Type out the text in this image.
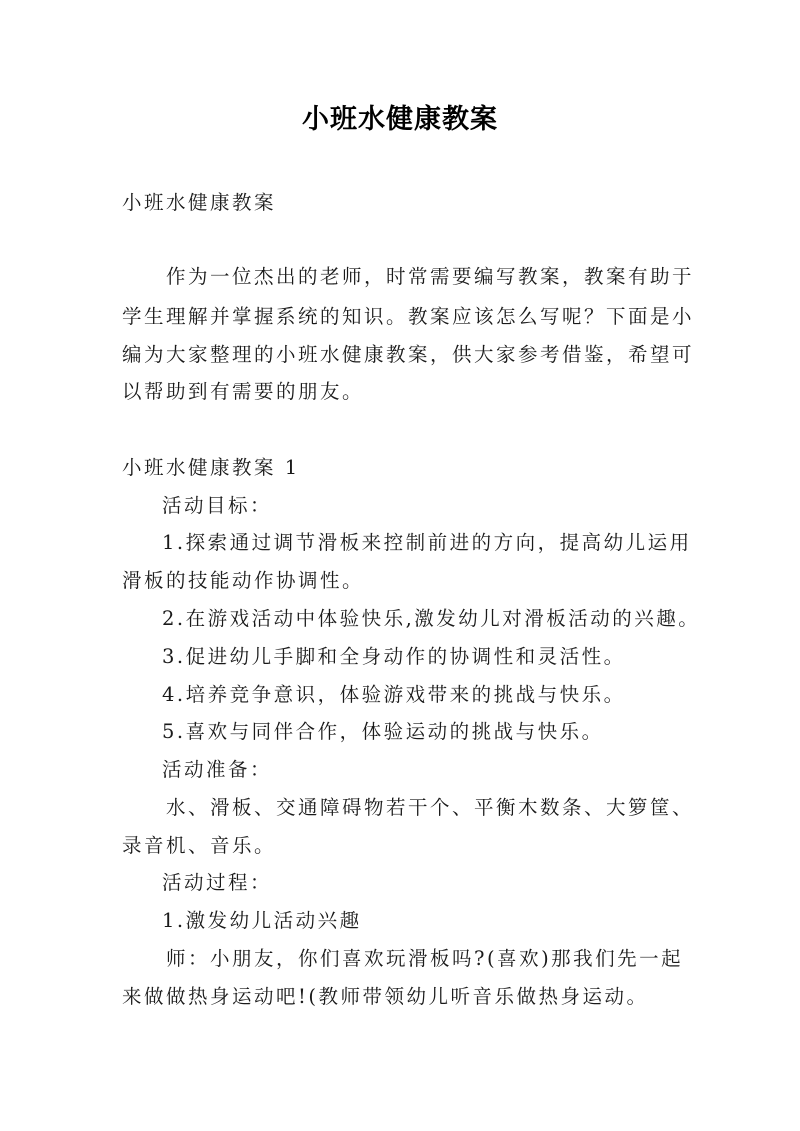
小班水健康教案

小班水健康教案

作为一位杰出的老师，时常需要编写教案，教案有助于

学生理解并掌握系统的知识。教案应该怎么写呢？下面是小

编为大家整理的小班水健康教案，供大家参考借鉴，希望可

以帮助到有需要的朋友。

小班水健康教案 1

活动目标：

1.探索通过调节滑板来控制前进的方向，提高幼儿运用

滑板的技能动作协调性。

2.在游戏活动中体验快乐,激发幼儿对滑板活动的兴趣。

3.促进幼儿手脚和全身动作的协调性和灵活性。

4.培养竞争意识，体验游戏带来的挑战与快乐。

5.喜欢与同伴合作，体验运动的挑战与快乐。

活动准备：

水、滑板、交通障碍物若干个、平衡木数条、大箩筐、

录音机、音乐。

活动过程：

1.激发幼儿活动兴趣

师：小朋友，你们喜欢玩滑板吗?(喜欢)那我们先一起

来做做热身运动吧!(教师带领幼儿听音乐做热身运动。
